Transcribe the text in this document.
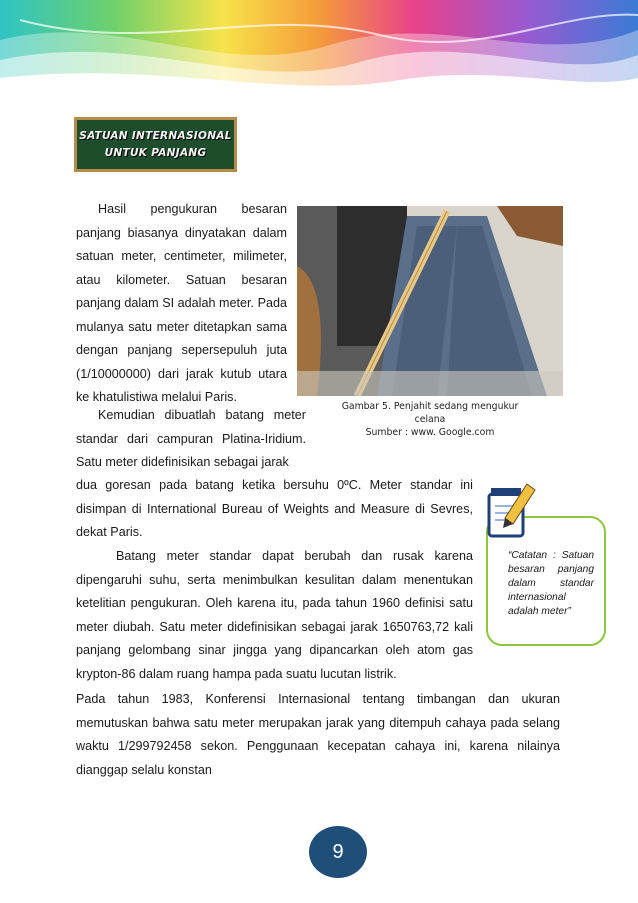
SATUAN INTERNASIONAL
UNTUK PANJANG

Hasil pengukuran besaran panjang biasanya dinyatakan dalam satuan meter, centimeter, milimeter, atau kilometer. Satuan besaran panjang dalam SI adalah meter. Pada mulanya satu meter ditetapkan sama dengan panjang sepersepuluh juta (1/10000000) dari jarak kutub utara ke khatulistiwa melalui Paris.

Gambar 5. Penjahit sedang mengukur
celana
Sumber : www. Google.com

Kemudian dibuatlah batang meter standar dari campuran Platina-Iridium. Satu meter didefinisikan sebagai jarak

dua goresan pada batang ketika bersuhu 0ºC. Meter standar ini disimpan di International Bureau of Weights and Measure di Sevres, dekat Paris.

Batang meter standar dapat berubah dan rusak karena dipengaruhi suhu, serta menimbulkan kesulitan dalam menentukan ketelitian pengukuran. Oleh karena itu, pada tahun 1960 definisi satu meter diubah. Satu meter didefinisikan sebagai jarak 1650763,72 kali panjang gelombang sinar jingga yang dipancarkan oleh atom gas krypton-86 dalam ruang hampa pada suatu lucutan listrik.

Pada tahun 1983, Konferensi Internasional tentang timbangan dan ukuran memutuskan bahwa satu meter merupakan jarak yang ditempuh cahaya pada selang waktu 1/299792458 sekon. Penggunaan kecepatan cahaya ini, karena nilainya dianggap selalu konstan

“Catatan : Satuan besaran panjang dalam standar internasional adalah meter”

9
